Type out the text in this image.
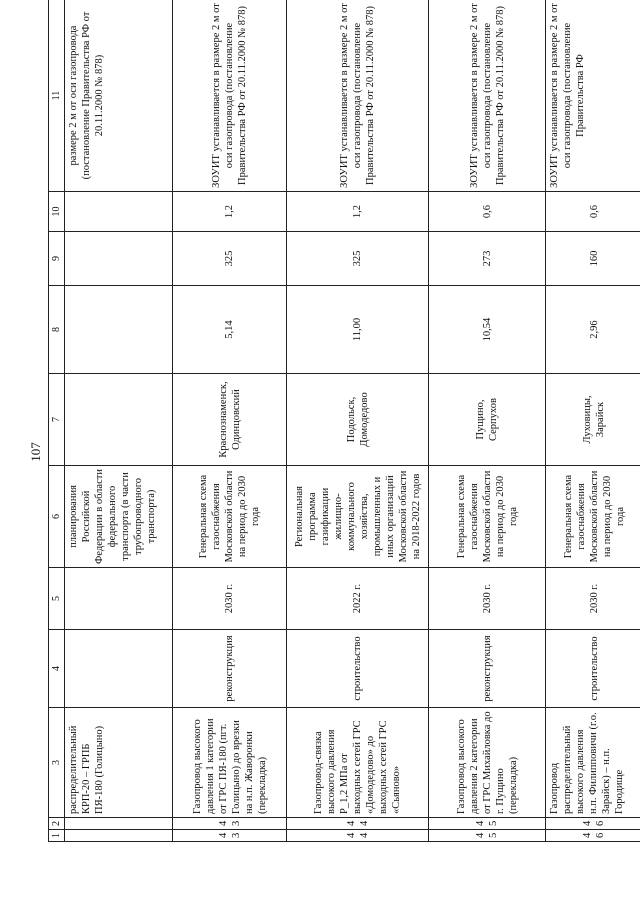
107
1	2	3	4	5	6	7	8	9	10	11
		распределительный КРП-20 – ГРПБ ПЯ-180 (Голицыно)			планирования Российской Федерации в области федерального транспорта (в части трубопроводного транспорта)					размере 2 м от оси газопровода (постановление Правительства РФ от 20.11.2000 № 878)
43	43	Газопровод высокого давления 1 категории от ГРС ПЯ-180 (пгт. Голицыно) до врезки на н.п. Жаворонки (перекладка)	реконструкция	2030 г.	Генеральная схема газоснабжения Московской области на период до 2030 года	Краснознаменск, Одинцовский	5,14	325	1,2	ЗОУИТ устанавливается в размере 2 м от оси газопровода (постановление Правительства РФ от 20.11.2000 № 878)
44	44	Газопровод-связка высокого давления Р_1,2 МПа от выходных сетей ГРС «Домодедово» до выходных сетей ГРС «Сьяново»	строительство	2022 г.	Региональная программа газификации жилищно-коммунального хозяйства, промышленных и иных организаций Московской области на 2018-2022 годов	Подольск, Домодедово	11,00	325	1,2	ЗОУИТ устанавливается в размере 2 м от оси газопровода (постановление Правительства РФ от 20.11.2000 № 878)
45	45	Газопровод высокого давления 2 категории от ГРС Михайловка до г. Пущино (перекладка)	реконструкция	2030 г.	Генеральная схема газоснабжения Московской области на период до 2030 года	Пущино, Серпухов	10,54	273	0,6	ЗОУИТ устанавливается в размере 2 м от оси газопровода (постановление Правительства РФ от 20.11.2000 № 878)
46	46	Газопровод распределительный высокого давления н.п. Филипповичи (г.о. Зарайск) – н.п. Городище	строительство	2030 г.	Генеральная схема газоснабжения Московской области на период до 2030 года	Луховицы, Зарайск	2,96	160	0,6	ЗОУИТ устанавливается в размере 2 м от оси газопровода (постановление Правительства РФ
